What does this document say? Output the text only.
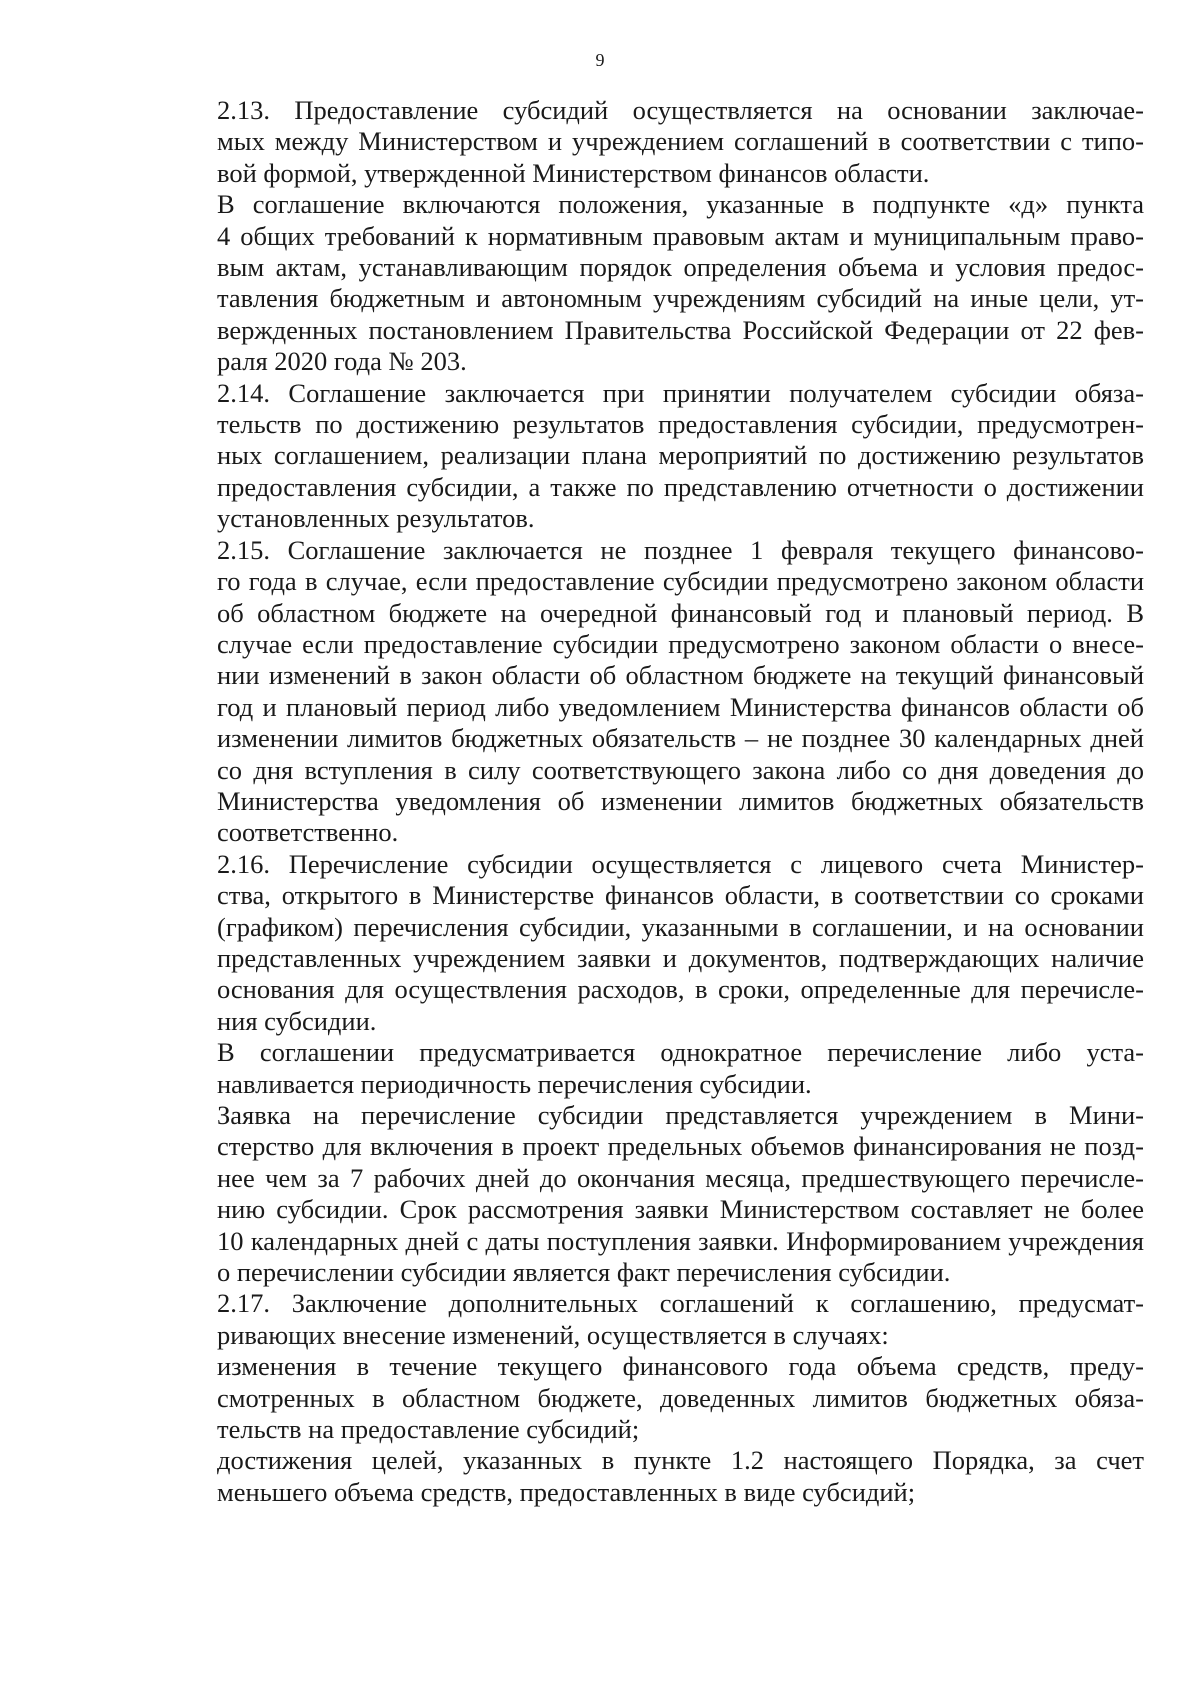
9

2.13. Предоставление субсидий осуществляется на основании заключае-
мых между Министерством и учреждением соглашений в соответствии с типо-
вой формой, утвержденной Министерством финансов области.

В соглашение включаются положения, указанные в подпункте «д» пункта
4 общих требований к нормативным правовым актам и муниципальным право-
вым актам, устанавливающим порядок определения объема и условия предос-
тавления бюджетным и автономным учреждениям субсидий на иные цели, ут-
вержденных постановлением Правительства Российской Федерации от 22 фев-
раля 2020 года № 203.

2.14. Соглашение заключается при принятии получателем субсидии обяза-
тельств по достижению результатов предоставления субсидии, предусмотрен-
ных соглашением, реализации плана мероприятий по достижению результатов
предоставления субсидии, а также по представлению отчетности о достижении
установленных результатов.

2.15. Соглашение заключается не позднее 1 февраля текущего финансово-
го года в случае, если предоставление субсидии предусмотрено законом области
об областном бюджете на очередной финансовый год и плановый период. В
случае если предоставление субсидии предусмотрено законом области о внесе-
нии изменений в закон области об областном бюджете на текущий финансовый
год и плановый период либо уведомлением Министерства финансов области об
изменении лимитов бюджетных обязательств – не позднее 30 календарных дней
со дня вступления в силу соответствующего закона либо со дня доведения до
Министерства уведомления об изменении лимитов бюджетных обязательств
соответственно.

2.16. Перечисление субсидии осуществляется с лицевого счета Министер-
ства, открытого в Министерстве финансов области, в соответствии со сроками
(графиком) перечисления субсидии, указанными в соглашении, и на основании
представленных учреждением заявки и документов, подтверждающих наличие
основания для осуществления расходов, в сроки, определенные для перечисле-
ния субсидии.

В соглашении предусматривается однократное перечисление либо уста-
навливается периодичность перечисления субсидии.

Заявка на перечисление субсидии представляется учреждением в Мини-
стерство для включения в проект предельных объемов финансирования не позд-
нее чем за 7 рабочих дней до окончания месяца, предшествующего перечисле-
нию субсидии. Срок рассмотрения заявки Министерством составляет не более
10 календарных дней с даты поступления заявки. Информированием учреждения
о перечислении субсидии является факт перечисления субсидии.

2.17. Заключение дополнительных соглашений к соглашению, предусмат-
ривающих внесение изменений, осуществляется в случаях:

изменения в течение текущего финансового года объема средств, преду-
смотренных в областном бюджете, доведенных лимитов бюджетных обяза-
тельств на предоставление субсидий;

достижения целей, указанных в пункте 1.2 настоящего Порядка, за счет
меньшего объема средств, предоставленных в виде субсидий;
